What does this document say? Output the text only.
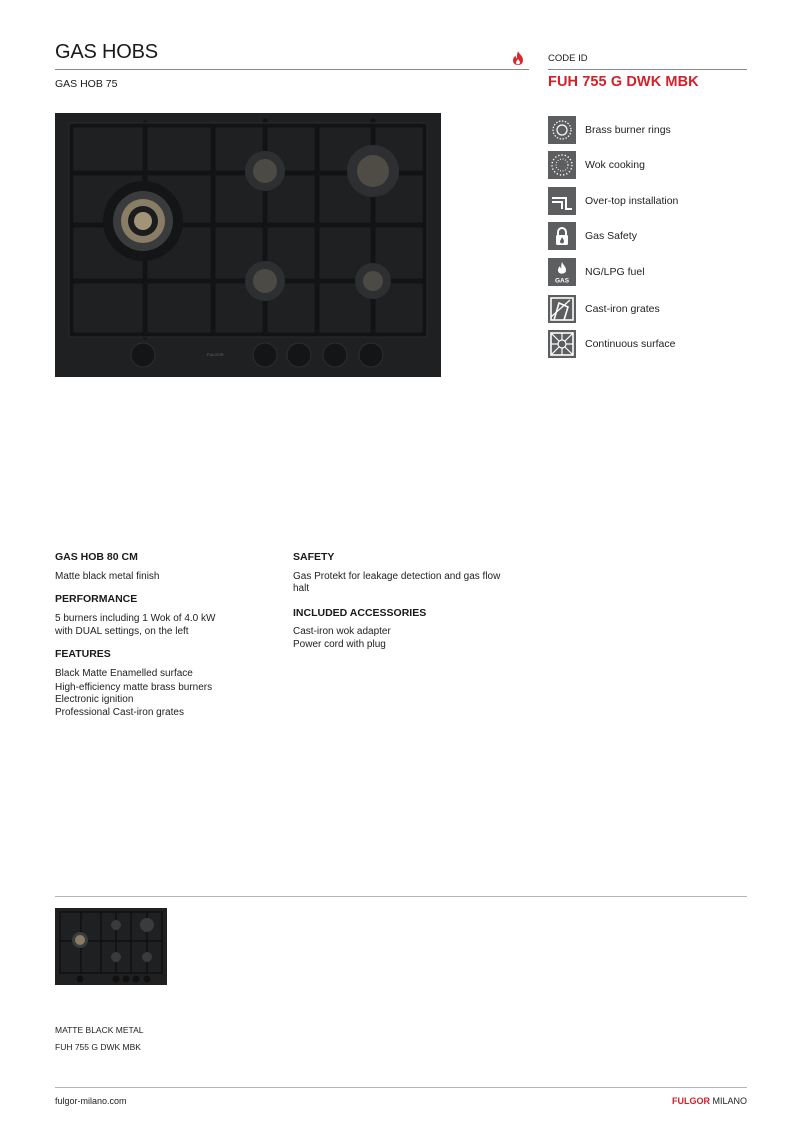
GAS HOBS
GAS HOB 75
CODE ID
FUH 755 G DWK MBK
FULGOR
Brass burner rings
Wok cooking
Over-top installation
Gas Safety
GAS
NG/LPG fuel
Cast-iron grates
Continuous surface
GAS HOB 80 CM
Matte black metal finish
PERFORMANCE
5 burners including 1 Wok of 4.0 kW
with DUAL settings, on the left
FEATURES
Black Matte Enamelled surface
High-efficiency matte brass burners
Electronic ignition
Professional Cast-iron grates
SAFETY
Gas Protekt for leakage detection and gas flow
halt
INCLUDED ACCESSORIES
Cast-iron wok adapter
Power cord with plug
MATTE BLACK METAL
FUH 755 G DWK MBK
fulgor-milano.com	FULGOR MILANO
